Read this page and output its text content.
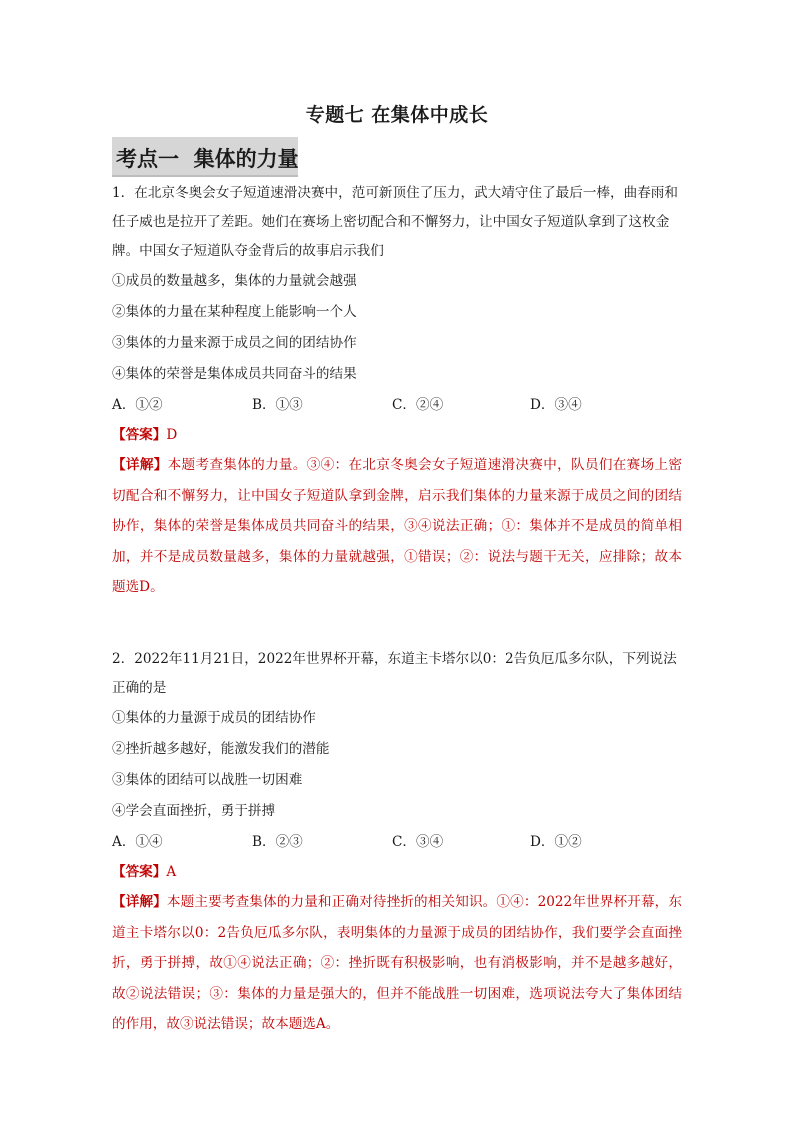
专题七 在集体中成长
考点一  集体的力量

1．在北京冬奥会女子短道速滑决赛中，范可新顶住了压力，武大靖守住了最后一棒，曲春雨和任子威也是拉开了差距。她们在赛场上密切配合和不懈努力，让中国女子短道队拿到了这枚金牌。中国女子短道队夺金背后的故事启示我们

①成员的数量越多，集体的力量就会越强

②集体的力量在某种程度上能影响一个人

③集体的力量来源于成员之间的团结协作

④集体的荣誉是集体成员共同奋斗的结果

A．①②	B．①③	C．②④	D．③④

【答案】D

【详解】本题考查集体的力量。③④：在北京冬奥会女子短道速滑决赛中，队员们在赛场上密切配合和不懈努力，让中国女子短道队拿到金牌，启示我们集体的力量来源于成员之间的团结协作，集体的荣誉是集体成员共同奋斗的结果，③④说法正确；①：集体并不是成员的简单相加，并不是成员数量越多，集体的力量就越强，①错误；②：说法与题干无关，应排除；故本题选D。

2．2022年11月21日，2022年世界杯开幕，东道主卡塔尔以0：2告负厄瓜多尔队，下列说法正确的是

①集体的力量源于成员的团结协作

②挫折越多越好，能激发我们的潜能

③集体的团结可以战胜一切困难

④学会直面挫折，勇于拼搏

A．①④	B．②③	C．③④	D．①②

【答案】A

【详解】本题主要考查集体的力量和正确对待挫折的相关知识。①④：2022年世界杯开幕，东道主卡塔尔以0：2告负厄瓜多尔队，表明集体的力量源于成员的团结协作，我们要学会直面挫折，勇于拼搏，故①④说法正确；②：挫折既有积极影响，也有消极影响，并不是越多越好，故②说法错误；③：集体的力量是强大的，但并不能战胜一切困难，选项说法夸大了集体团结的作用，故③说法错误；故本题选A。
